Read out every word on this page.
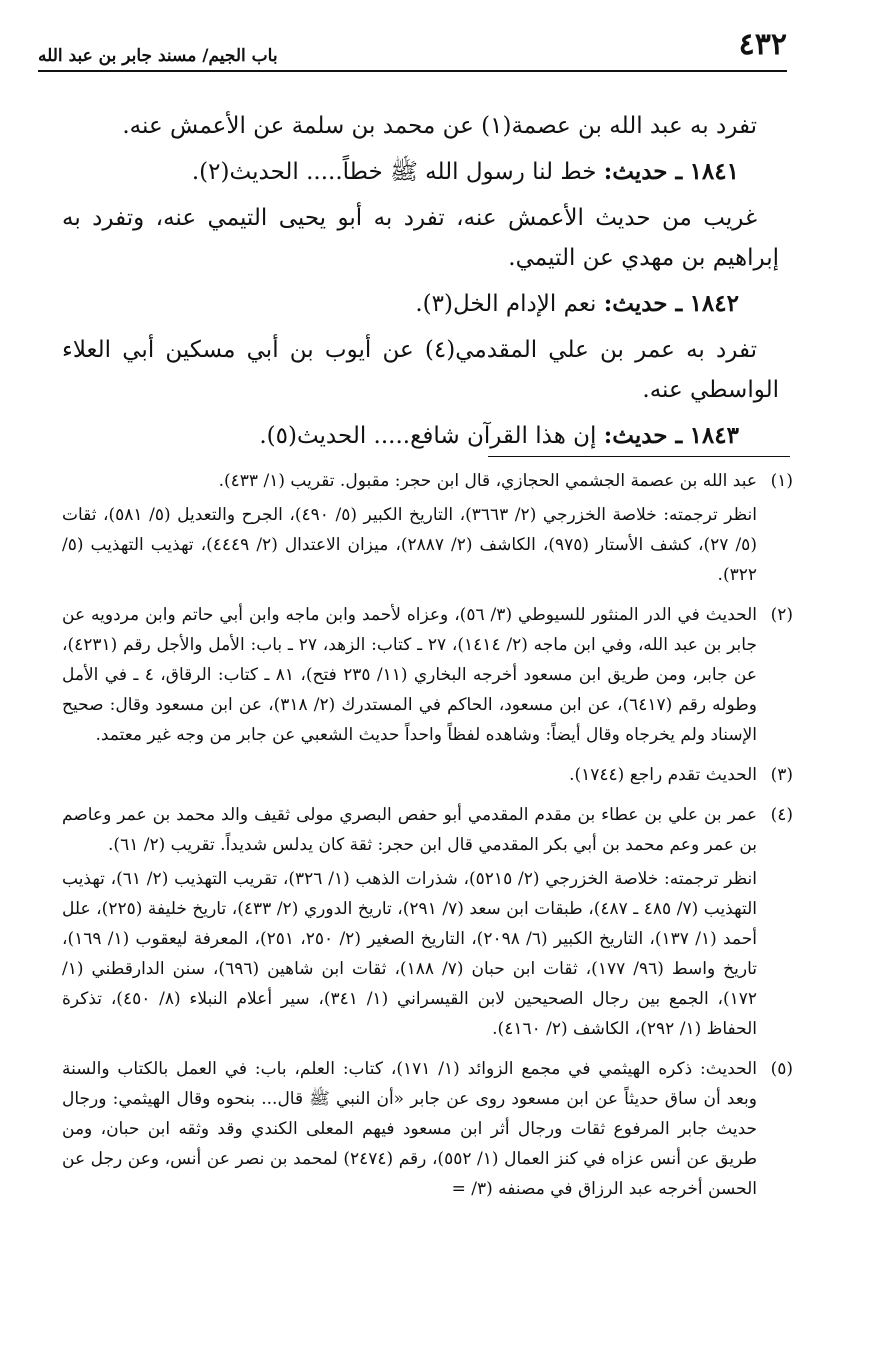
٤٣٢
باب الجيم/ مسند جابر بن عبد الله

تفرد به عبد الله بن عصمة(١) عن محمد بن سلمة عن الأعمش عنه.

١٨٤١ ـ حديث: خط لنا رسول الله ﷺ خطاً..... الحديث(٢).

غريب من حديث الأعمش عنه، تفرد به أبو يحيى التيمي عنه، وتفرد به إبراهيم بن مهدي عن التيمي.

١٨٤٢ ـ حديث: نعم الإدام الخل(٣).

تفرد به عمر بن علي المقدمي(٤) عن أيوب بن أبي مسكين أبي العلاء الواسطي عنه.

١٨٤٣ ـ حديث: إن هذا القرآن شافع..... الحديث(٥).

(١)

عبد الله بن عصمة الجشمي الحجازي، قال ابن حجر: مقبول. تقريب (١/ ٤٣٣).

انظر ترجمته: خلاصة الخزرجي (٢/ ٣٦٦٣)، التاريخ الكبير (٥/ ٤٩٠)، الجرح والتعديل (٥/ ٥٨١)، ثقات (٥/ ٢٧)، كشف الأستار (٩٧٥)، الكاشف (٢/ ٢٨٨٧)، ميزان الاعتدال (٢/ ٤٤٤٩)، تهذيب التهذيب (٥/ ٣٢٢).

(٢)

الحديث في الدر المنثور للسيوطي (٣/ ٥٦)، وعزاه لأحمد وابن ماجه وابن أبي حاتم وابن مردويه عن جابر بن عبد الله، وفي ابن ماجه (٢/ ١٤١٤)، ٢٧ ـ كتاب: الزهد، ٢٧ ـ باب: الأمل والأجل رقم (٤٢٣١)، عن جابر، ومن طريق ابن مسعود أخرجه البخاري (١١/ ٢٣٥ فتح)، ٨١ ـ كتاب: الرقاق، ٤ ـ في الأمل وطوله رقم (٦٤١٧)، عن ابن مسعود، الحاكم في المستدرك (٢/ ٣١٨)، عن ابن مسعود وقال: صحيح الإسناد ولم يخرجاه وقال أيضاً: وشاهده لفظاً واحداً حديث الشعبي عن جابر من وجه غير معتمد.

(٣)

الحديث تقدم راجع (١٧٤٤).

(٤)

عمر بن علي بن عطاء بن مقدم المقدمي أبو حفص البصري مولى ثقيف والد محمد بن عمر وعاصم بن عمر وعم محمد بن أبي بكر المقدمي قال ابن حجر: ثقة كان يدلس شديداً. تقريب (٢/ ٦١).

انظر ترجمته: خلاصة الخزرجي (٢/ ٥٢١٥)، شذرات الذهب (١/ ٣٢٦)، تقريب التهذيب (٢/ ٦١)، تهذيب التهذيب (٧/ ٤٨٥ ـ ٤٨٧)، طبقات ابن سعد (٧/ ٢٩١)، تاريخ الدوري (٢/ ٤٣٣)، تاريخ خليفة (٢٢٥)، علل أحمد (١/ ١٣٧)، التاريخ الكبير (٦/ ٢٠٩٨)، التاريخ الصغير (٢/ ٢٥٠، ٢٥١)، المعرفة ليعقوب (١/ ١٦٩)، تاريخ واسط (٩٦/ ١٧٧)، ثقات ابن حبان (٧/ ١٨٨)، ثقات ابن شاهين (٦٩٦)، سنن الدارقطني (١/ ١٧٢)، الجمع بين رجال الصحيحين لابن القيسراني (١/ ٣٤١)، سير أعلام النبلاء (٨/ ٤٥٠)، تذكرة الحفاظ (١/ ٢٩٢)، الكاشف (٢/ ٤١٦٠).

(٥)

الحديث: ذكره الهيثمي في مجمع الزوائد (١/ ١٧١)، كتاب: العلم، باب: في العمل بالكتاب والسنة وبعد أن ساق حديثاً عن ابن مسعود روى عن جابر «أن النبي ﷺ قال... بنحوه وقال الهيثمي: ورجال حديث جابر المرفوع ثقات ورجال أثر ابن مسعود فيهم المعلى الكندي وقد وثقه ابن حبان، ومن طريق عن أنس عزاه في كنز العمال (١/ ٥٥٢)، رقم (٢٤٧٤) لمحمد بن نصر عن أنس، وعن رجل عن الحسن أخرجه عبد الرزاق في مصنفه (٣/ =
